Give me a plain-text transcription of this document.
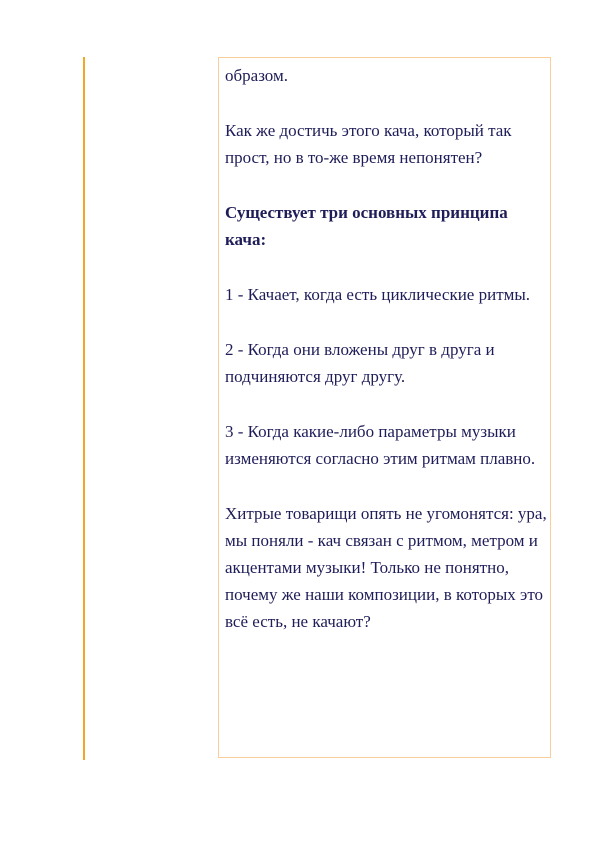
образом.

Как же достичь этого кача, который так прост, но в то-же время непонятен?

Существует три основных принципа кача:

1 - Качает, когда есть циклические ритмы.

2 - Когда они вложены друг в друга и подчиняются друг другу.

3 - Когда какие-либо параметры музыки изменяются согласно этим ритмам плавно.

Хитрые товарищи опять не угомонятся: ура, мы поняли - кач связан с ритмом, метром и акцентами музыки! Только не понятно, почему же наши композиции, в которых это всё есть, не качают?
